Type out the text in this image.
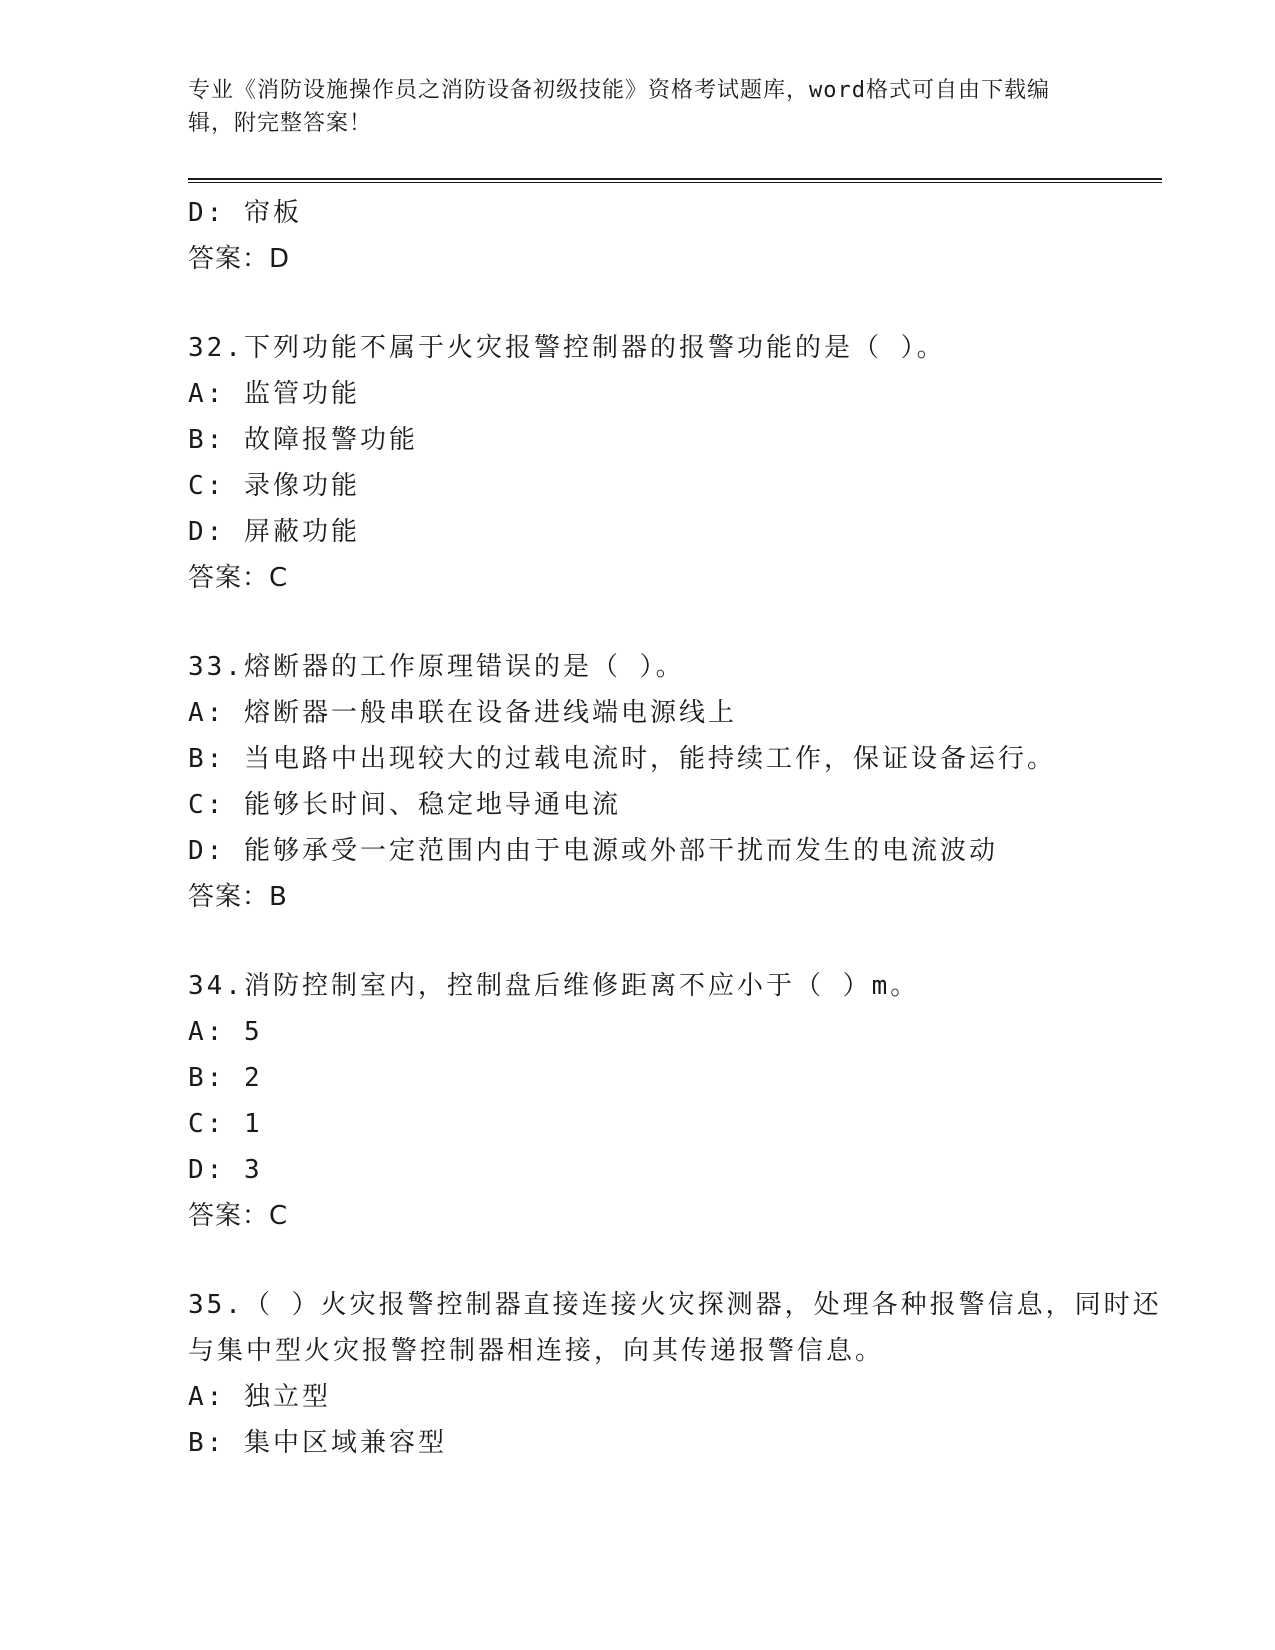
专业《消防设施操作员之消防设备初级技能》资格考试题库，word格式可自由下载编辑，附完整答案！
D: 帘板
答案：D
32.下列功能不属于火灾报警控制器的报警功能的是（ ）。
A: 监管功能
B: 故障报警功能
C: 录像功能
D: 屏蔽功能
答案：C
33.熔断器的工作原理错误的是（ ）。
A: 熔断器一般串联在设备进线端电源线上
B: 当电路中出现较大的过载电流时，能持续工作，保证设备运行。
C: 能够长时间、稳定地导通电流
D: 能够承受一定范围内由于电源或外部干扰而发生的电流波动
答案：B
34.消防控制室内，控制盘后维修距离不应小于（ ）m。
A: 5
B: 2
C: 1
D: 3
答案：C
35.（ ）火灾报警控制器直接连接火灾探测器，处理各种报警信息，同时还与集中型火灾报警控制器相连接，向其传递报警信息。
A: 独立型
B: 集中区域兼容型
